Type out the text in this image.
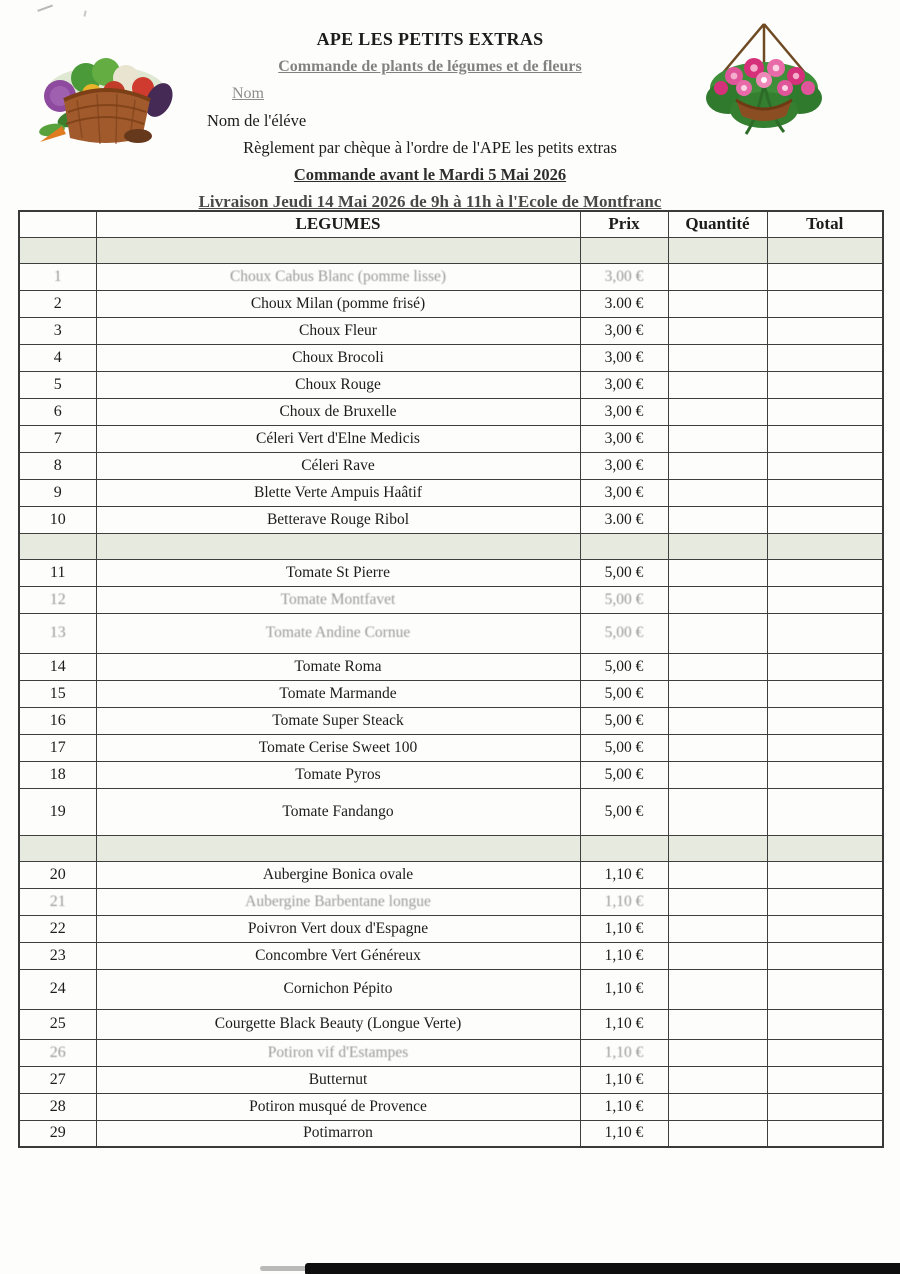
APE LES PETITS EXTRAS
Commande de plants de légumes et de fleurs
Nom
Nom de l'éléve
Règlement par chèque à l'ordre de l'APE les petits extras
Commande avant le Mardi 5 Mai 2026
Livraison Jeudi 14 Mai 2026 de 9h à 11h à l'Ecole de Montfranc
	LEGUMES	Prix	Quantité	Total

1	Choux Cabus Blanc (pomme lisse)	3,00 €		
2	Choux Milan (pomme frisé)	3.00 €		
3	Choux Fleur	3,00 €		
4	Choux Brocoli	3,00 €		
5	Choux Rouge	3,00 €		
6	Choux de Bruxelle	3,00 €		
7	Céleri Vert d'Elne Medicis	3,00 €		
8	Céleri Rave	3,00 €		
9	Blette Verte Ampuis Haâtif	3,00 €		
10	Betterave Rouge Ribol	3.00 €		

11	Tomate St Pierre	5,00 €		
12	Tomate Montfavet	5,00 €		
13	Tomate Andine Cornue	5,00 €		
14	Tomate Roma	5,00 €		
15	Tomate Marmande	5,00 €		
16	Tomate Super Steack	5,00 €		
17	Tomate Cerise Sweet 100	5,00 €		
18	Tomate Pyros	5,00 €		
19	Tomate Fandango	5,00 €		

20	Aubergine Bonica ovale	1,10 €		
21	Aubergine Barbentane longue	1,10 €		
22	Poivron Vert doux d'Espagne	1,10 €		
23	Concombre Vert Généreux	1,10 €		
24	Cornichon Pépito	1,10 €		
25	Courgette Black Beauty (Longue Verte)	1,10 €		
26	Potiron vif d'Estampes	1,10 €		
27	Butternut	1,10 €		
28	Potiron musqué de Provence	1,10 €		
29	Potimarron	1,10 €		
